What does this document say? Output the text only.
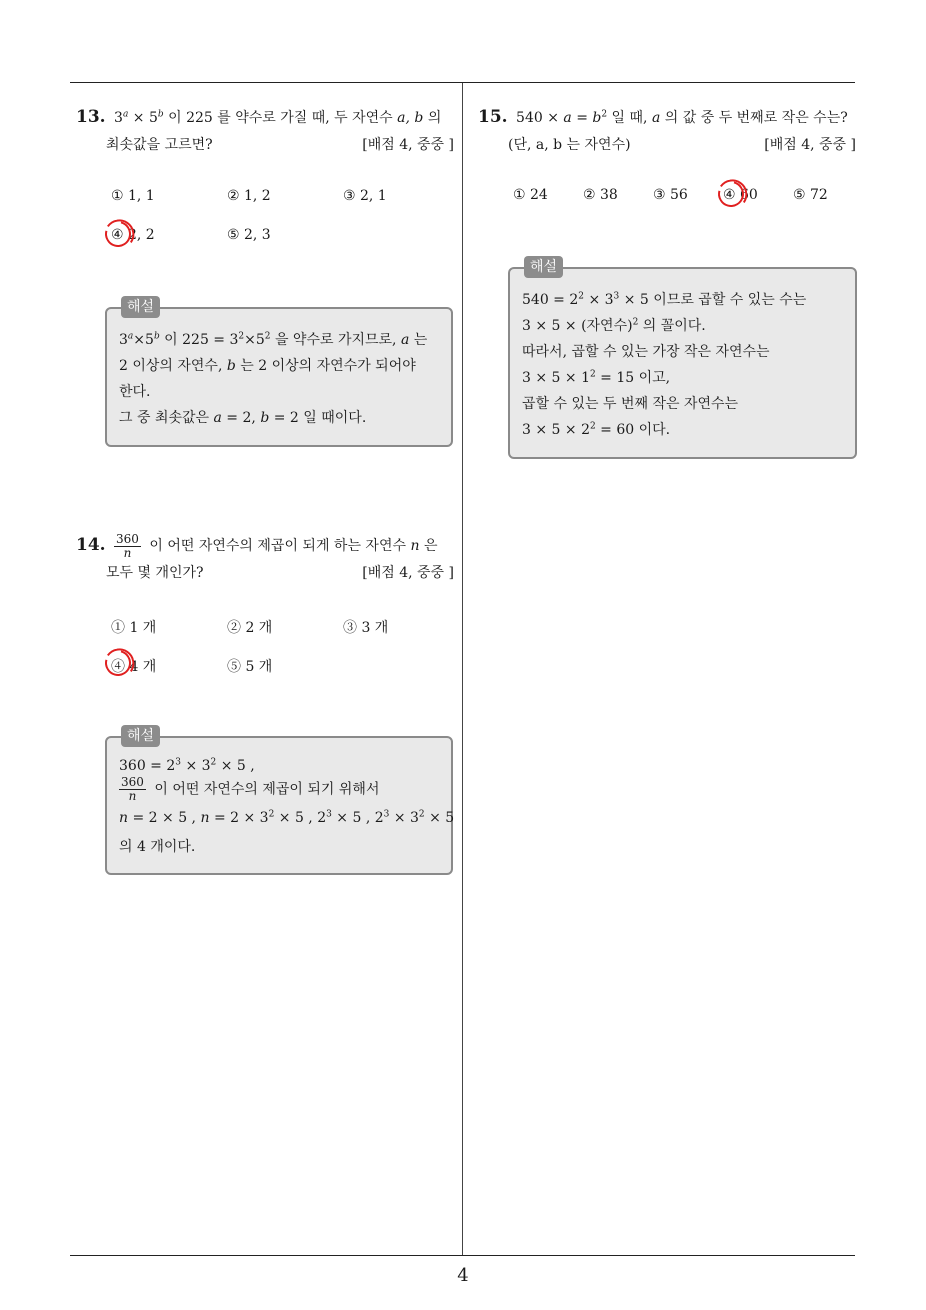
13. $3^a \times 5^b$ 이 225 를 약수로 가질 때, 두 자연수 a, b 의
최솟값을 고르면?	[배점 4, 중중 ]
① 1, 1	② 1, 2	③ 2, 1
④ 2, 2	⑤ 2, 3
해설
$3^a\times 5^b$ 이 $225 = 3^2\times 5^2$ 을 약수로 가지므로, a 는
2 이상의 자연수, b 는 2 이상의 자연수가 되어야
한다.
그 중 최솟값은 a = 2, b = 2 일 때이다.
14. $\frac{360}{n}$ 이 어떤 자연수의 제곱이 되게 하는 자연수 n 은
모두 몇 개인가?	[배점 4, 중중 ]
① 1 개	② 2 개	③ 3 개
④ 4 개	⑤ 5 개
해설
$360 = 2^3 \times 3^2 \times 5$ ,
$\frac{360}{n}$ 이 어떤 자연수의 제곱이 되기 위해서
n = 2 × 5 , $n = 2 \times 3^2 \times 5$ , $2^3 \times 5$ , $2^3 \times 3^2 \times 5$
의 4 개이다.
15. $540 \times a = b^2$ 일 때, a 의 값 중 두 번째로 작은 수는?
(단, a, b 는 자연수)	[배점 4, 중중 ]
① 24	② 38	③ 56	④ 60	⑤ 72
해설
$540 = 2^2 \times 3^3 \times 5$ 이므로 곱할 수 있는 수는
3 × 5 × (자연수)$^2$ 의 꼴이다.
따라서, 곱할 수 있는 가장 작은 자연수는
$3 \times 5 \times 1^2 = 15$ 이고,
곱할 수 있는 두 번째 작은 자연수는
$3 \times 5 \times 2^2 = 60$ 이다.
4
